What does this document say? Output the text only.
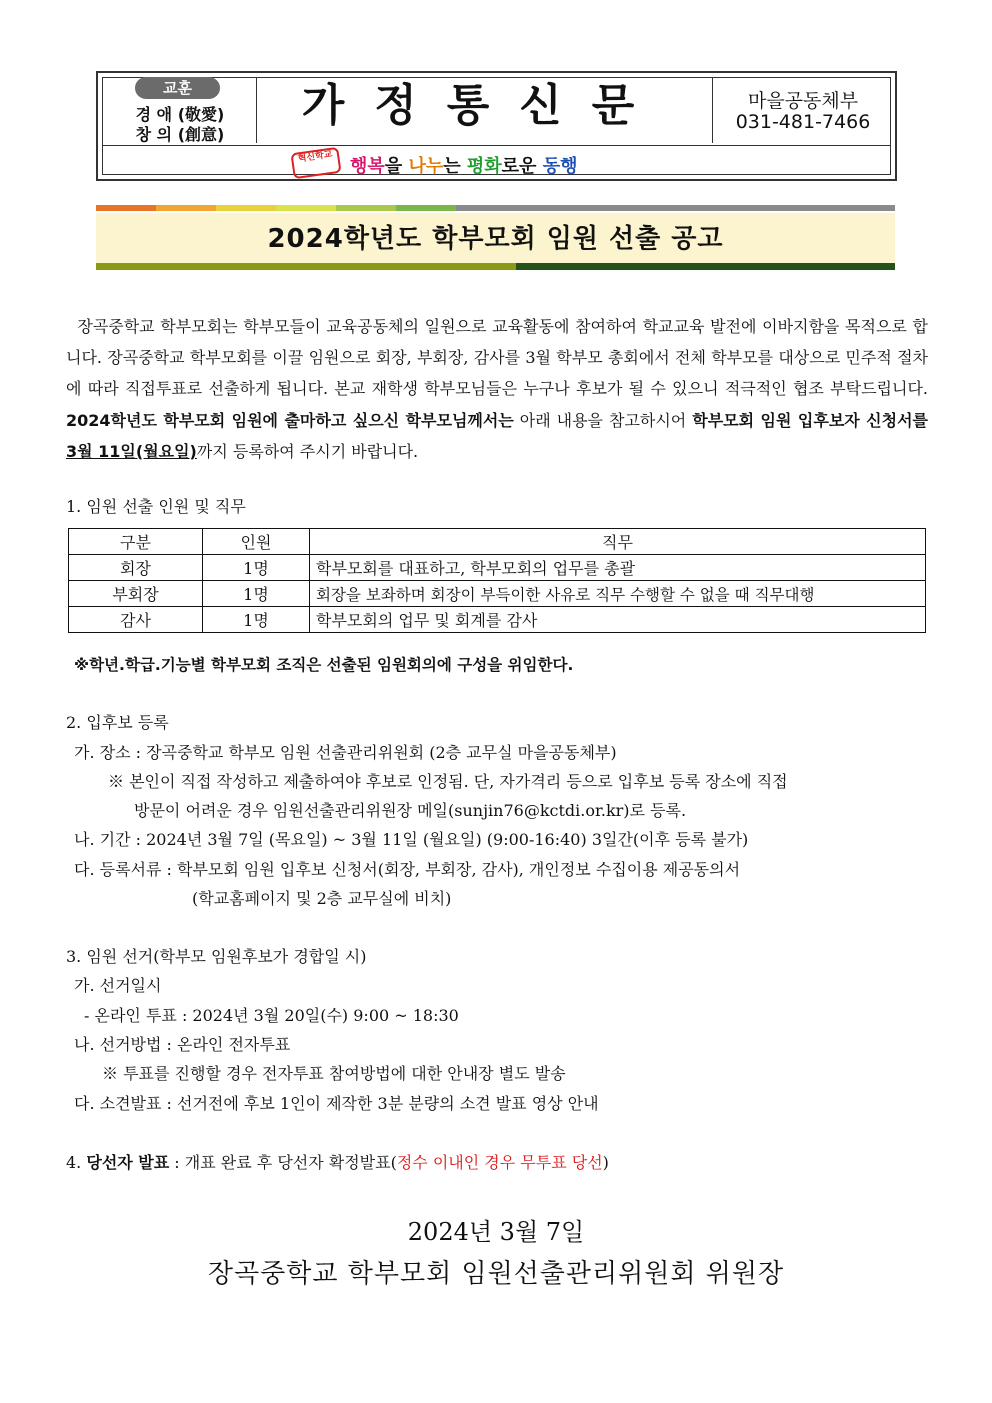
교훈
경 애 (敬愛)
창 의 (創意)
가정통신문	마을공동체부
031-481-7466
혁신학교 행복을 나누는 평화로운 동행
2024학년도 학부모회 임원 선출 공고
장곡중학교 학부모회는 학부모들이 교육공동체의 일원으로 교육활동에 참여하여 학교교육 발전에 이바지함을 목적으로 합니다. 장곡중학교 학부모회를 이끌 임원으로 회장, 부회장, 감사를 3월 학부모 총회에서 전체 학부모를 대상으로 민주적 절차에 따라 직접투표로 선출하게 됩니다. 본교 재학생 학부모님들은 누구나 후보가 될 수 있으니 적극적인 협조 부탁드립니다. 2024학년도 학부모회 임원에 출마하고 싶으신 학부모님께서는 아래 내용을 참고하시어 학부모회 임원 입후보자 신청서를 3월 11일(월요일)까지 등록하여 주시기 바랍니다.
1. 임원 선출 인원 및 직무
구분	인원	직무
회장	1명	학부모회를 대표하고, 학부모회의 업무를 총괄
부회장	1명	회장을 보좌하며 회장이 부득이한 사유로 직무 수행할 수 없을 때 직무대행
감사	1명	학부모회의 업무 및 회계를 감사
※학년.학급.기능별 학부모회 조직은 선출된 임원회의에 구성을 위임한다.
2. 입후보 등록
가. 장소 : 장곡중학교 학부모 임원 선출관리위원회 (2층 교무실 마을공동체부)
※ 본인이 직접 작성하고 제출하여야 후보로 인정됨. 단, 자가격리 등으로 입후보 등록 장소에 직접
방문이 어려운 경우 임원선출관리위원장 메일(sunjin76@kctdi.or.kr)로 등록.
나. 기간 : 2024년 3월 7일 (목요일) ~ 3월 11일 (월요일) (9:00-16:40) 3일간(이후 등록 불가)
다. 등록서류 : 학부모회 임원 입후보 신청서(회장, 부회장, 감사), 개인정보 수집이용 제공동의서
(학교홈페이지 및 2층 교무실에 비치)
3. 임원 선거(학부모 임원후보가 경합일 시)
가. 선거일시
- 온라인 투표 : 2024년 3월 20일(수) 9:00 ~ 18:30
나. 선거방법 : 온라인 전자투표
※ 투표를 진행할 경우 전자투표 참여방법에 대한 안내장 별도 발송
다. 소견발표 : 선거전에 후보 1인이 제작한 3분 분량의 소견 발표 영상 안내
4. 당선자 발표 : 개표 완료 후 당선자 확정발표(정수 이내인 경우 무투표 당선)
2024년 3월 7일
장곡중학교 학부모회 임원선출관리위원회 위원장
